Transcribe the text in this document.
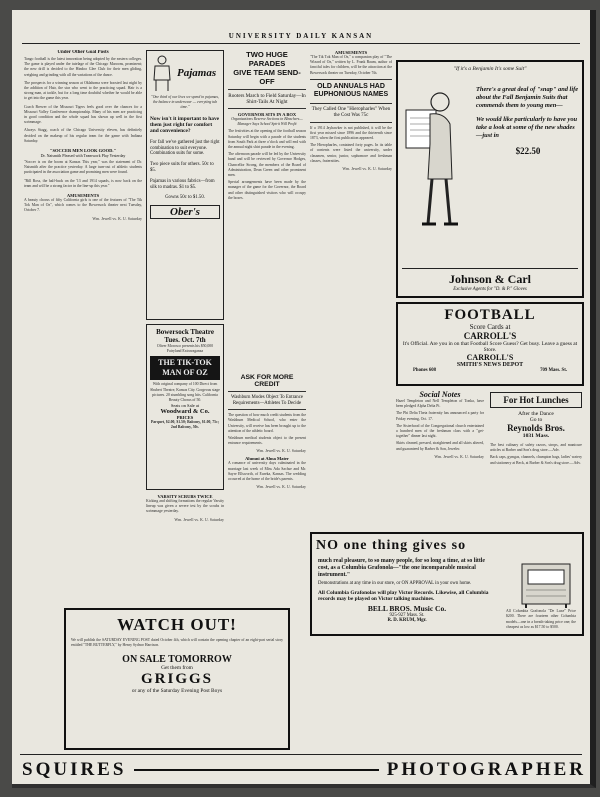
UNIVERSITY DAILY KANSAN
Under Other Goal Posts

Tango football is the latest innovation being adopted by the eastern colleges. The game is played under the tutelage of the Chicago Maroons, prominent; the new drill is decided to the Hindoo Glee Club for their men gliding, weighing and grinding with all the variations of the dance.

The prospects for a winning season at Oklahoma were boosted last night by the addition of Hair, the star who went to the practicing squad. Hair is a strong man, at tackle, but for a long time doubtful whether he would be able to get into the game this year.

Coach Brewer of the Missouri Tigers feels good over the chances for a Missouri Valley Conference championship. Many of his men are practicing in good condition and the whole squad has shown up well in the first scrimmage.

Always Stagg, coach of the Chicago University eleven, has definitely decided on the makeup of his regular team for the game with Indiana Saturday.

"SOCCER MEN LOOK GOOD."
Dr. Naismith Pleased with Teamwork Play Yesterday

"Soccer is on the boom at Kansas This year," was the statement of Dr. Naismith after the practice yesterday. A large turn-out of athletic students participated in the association game and promising men were found.

"Bill Ross, the half-back on the '13 and 1914 squads, is now back on the team and will be a strong factor in the line-up this year."

AMUSEMENTS

A beauty chorus of fifty California girls is one of the features of "The Tik Tok Man of Oz", which comes to the Bowersock theater next Tuesday, October 7.

Wm. Jewell vs. K. U. Saturday
Pajamas

"One third of our lives we spend in pajamas, the balance in underwear — everyting tub time."

Now isn't it important to have them just right for comfort and convenience?

For fall we've gathered just the right combination to suit everyone. Combination suits for some.

Two piece suits for others. 50c to $5.

Pajamas in various fabrics—from silk to madras. $1 to $5.

Gowns 50c to $1.50.

Ober's
Bowersock Theatre
Tues. Oct. 7th

Oliver Morosco presents his $50,000 Fairyland Extravaganza

THE TIK-TOK MAN OF OZ

With original company of 100 Direct from Shubert Theatre, Kansas City. Gorgeous stage pictures. 20 stumbling song hits. California Beauty Chorus of 50.

Seats on Sale at
Woodward & Co.
PRICES

Parquet, $2.00, $1.50; Balcony, $1.00, 75c; 2nd Balcony, 50c.

VARSITY SCRUBS TWICE

Kicking and shifting formations the regular Varsity lineup was given a severe test by the scrubs in scrimmage yesterday.

Wm. Jewell vs. K. U. Saturday
TWO HUGE PARADES
GIVE TEAM SEND-OFF
Rooters March to Field Saturday—In Shirt-Tails At Night
GOVERNOR SITS IN A BOX

Organizations Reserve Sections in Bleachers—Manager Says School Spirit Will Profit

The festivities at the opening of the football season Saturday will begin with a parade of the students from South Park at three o'clock and will end with the annual night shirt parade in the evening.

The afternoon parade will be led by the University band and will be reviewed by Governor Hodges, Chancellor Strong, the members of the Board of Administration, Dean Green and other prominent men.

Special arrangements have been made by the manager of the game for the Governor, the Board and other distinguished visitors who will occupy the boxes.

ASK FOR MORE CREDIT
Washburn Modes Object To Entrance Requirements—Athletes To Decide

The question of how much credit students from the Washburn Medical School, who enter the University, will receive has been brought up to the attention of the athletic board.

Washburn medical students object to the present entrance requirements.

Wm. Jewell vs. K. U. Saturday
Alumni at Alma Mater

A romance of university days culminated in the marriage last week of Miss Ada Sachse and Mr. Sayre Ellsworth, of Eureka, Kansas. The wedding occurred at the home of the bride's parents.

Wm. Jewell vs. K. U. Saturday
AMUSEMENTS

"The Tik Tok Man of Oz," a companion play of "The Wizard of Oz," written by L. Frank Baum, author of fanciful tales for children, will be the attraction at the Bowersock theater on Tuesday, October 7th.

OLD ANNUALS HAD EUPHONIOUS NAMES
They Called One "Hieropharles" When the Cost Was 75c

If a 1914 Jayhawker is not published, it will be the first year missed since 1896 and the thirteenth since 1873, when the first publication appeared.

The Hieropharles, contained forty pages. In its table of contents were listed the university, under classmen, senior, junior, sophomore and freshman classes, fraternities.

Wm. Jewell vs. K. U. Saturday
Social Notes

Hazel Templeton and Nell Templeton of Tonka, have been pledged Alpha Delta Pi.

The Phi Delta Theta fraternity has announced a party for Friday evening, Oct. 17.

The Sisterhood of the Congregational church entertained a hundred men of the freshman class with a "get-together" dinner last night.

Skirts cleaned, pressed, straightened and all skirts altered, and guaranteed by Barber & Son, Jeweler.

Wm. Jewell vs. K. U. Saturday
"If it's a Benjamin It's some Suit"

There's a great deal of "snap" and life about the Fall Benjamin Suits that commends them to young men—

We would like particularly to have you take a look at some of the new shades—just in

$22.50
Johnson & Carl
Exclusive Agents for "D. & P." Gloves
FOOTBALL
Score Cards at
CARROLL'S

It's Official. Are you in on that Football Score Guess? Get busy. Leave a guess at Store.

CARROLL'S
SMITH'S NEWS DEPOT
Phones 608	709 Mass. St.
For Hot Lunches
After the Dance
Go to
Reynolds Bros.
1031 Mass.

The best culinary of safety razors, strops, and manicure articles at Barber and Son's drug store.—Adv.

Back caps, gymgas, channels, champion bags, ladies' watery and stationery at Beck, at Barber & Son's drug store.—Adv.

NO one thing gives so

much real pleasure, to so many people, for so long a time, at so little cost, as a Columbia Grafonola—"the one incomparable musical instrument."

Demonstrations at any time in our store, or ON APPROVAL in your own home.

All Columbia Grafonolas will play Victor Records. Likewise, all Columbia records may be played on Victor talking machines.

BELL BROS. Music Co.
925-927 Mass. St.
R. D. KRUM, Mgr.

All Columbia Grafonola "De Luxe" Price $200. There are fourteen other Columbia models—one in a breath-taking price one; the cheapest as low as $17.50 to $500.

WATCH OUT!

We will publish the SATURDAY EVENING POST dated October 4th, which will contain the opening chapter of an eight-part serial story entitled "THE BUTTERFLY," by Henry Sydnor Harrison.

ON SALE TOMORROW
Get them from
GRIGGS
or any of the Saturday Evening Post Boys
SQUIRES	PHOTOGRAPHER
